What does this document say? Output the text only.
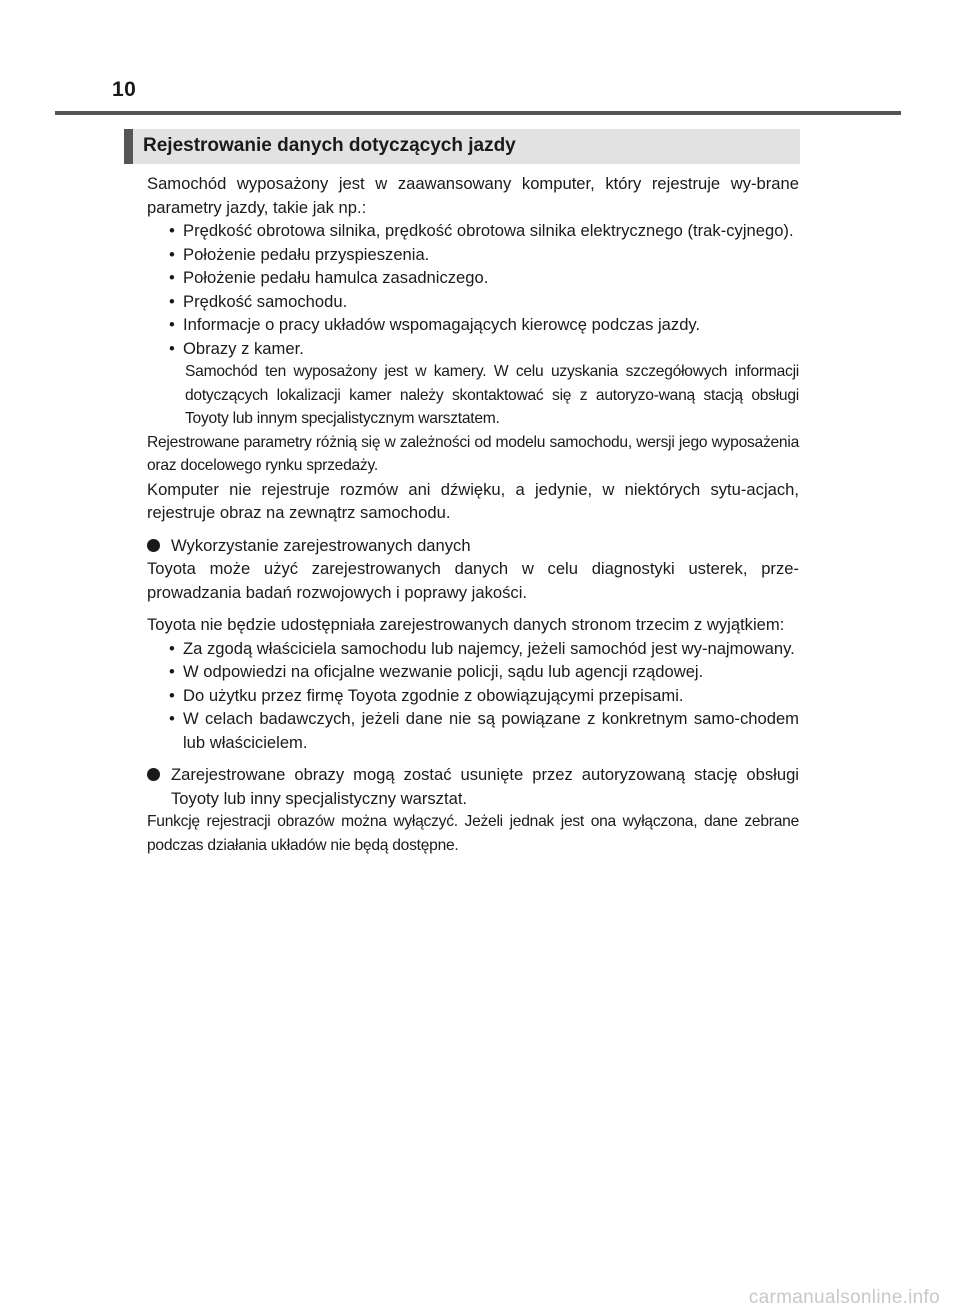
10
Rejestrowanie danych dotyczących jazdy

Samochód wyposażony jest w zaawansowany komputer, który rejestruje wy-brane parametry jazdy, takie jak np.:

• Prędkość obrotowa silnika, prędkość obrotowa silnika elektrycznego (trak-cyjnego).
• Położenie pedału przyspieszenia.
• Położenie pedału hamulca zasadniczego.
• Prędkość samochodu.
• Informacje o pracy układów wspomagających kierowcę podczas jazdy.
• Obrazy z kamer.

Samochód ten wyposażony jest w kamery. W celu uzyskania szczegółowych informacji dotyczących lokalizacji kamer należy skontaktować się z autoryzo-waną stacją obsługi Toyoty lub innym specjalistycznym warsztatem.

Rejestrowane parametry różnią się w zależności od modelu samochodu, wersji jego wyposażenia oraz docelowego rynku sprzedaży.

Komputer nie rejestruje rozmów ani dźwięku, a jedynie, w niektórych sytu-acjach, rejestruje obraz na zewnątrz samochodu.

Wykorzystanie zarejestrowanych danych

Toyota może użyć zarejestrowanych danych w celu diagnostyki usterek, prze-prowadzania badań rozwojowych i poprawy jakości.

Toyota nie będzie udostępniała zarejestrowanych danych stronom trzecim z wyjątkiem:

• Za zgodą właściciela samochodu lub najemcy, jeżeli samochód jest wy-najmowany.
• W odpowiedzi na oficjalne wezwanie policji, sądu lub agencji rządowej.
• Do użytku przez firmę Toyota zgodnie z obowiązującymi przepisami.
• W celach badawczych, jeżeli dane nie są powiązane z konkretnym samo-chodem lub właścicielem.
Zarejestrowane obrazy mogą zostać usunięte przez autoryzowaną stację obsługi Toyoty lub inny specjalistyczny warsztat.

Funkcję rejestracji obrazów można wyłączyć. Jeżeli jednak jest ona wyłączona, dane zebrane podczas działania układów nie będą dostępne.

carmanualsonline.info
